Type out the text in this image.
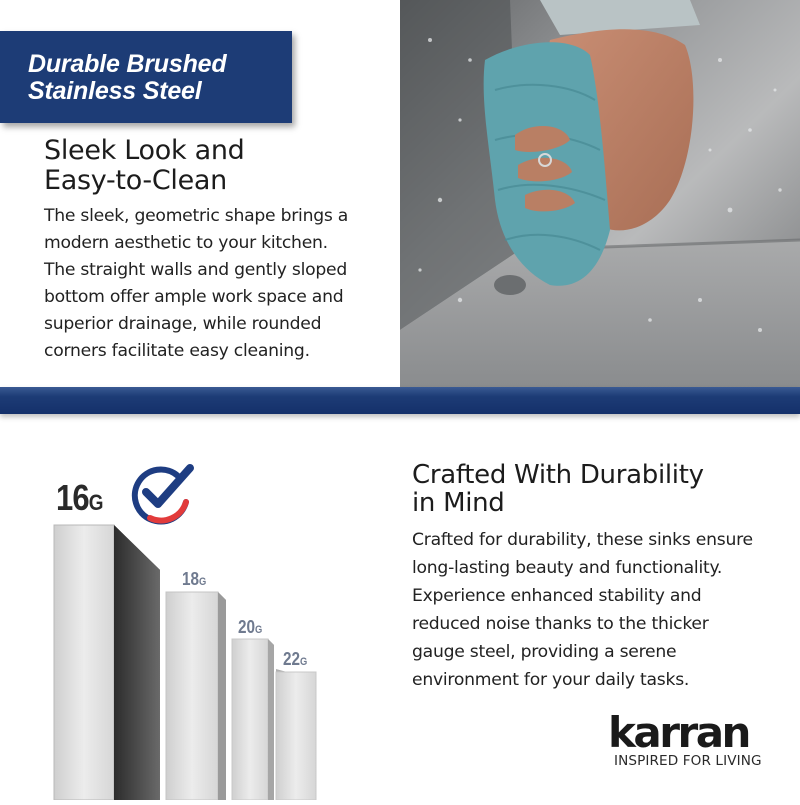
Durable Brushed
Stainless Steel
Sleek Look and
Easy-to-Clean
The sleek, geometric shape brings a
modern aesthetic to your kitchen.
The straight walls and gently sloped
bottom offer ample work space and
superior drainage, while rounded
corners facilitate easy cleaning.
16G
18G
20G
22G
Crafted With Durability
in Mind
Crafted for durability, these sinks ensure
long-lasting beauty and functionality.
Experience enhanced stability and
reduced noise thanks to the thicker
gauge steel, providing a serene
environment for your daily tasks.
karran
INSPIRED FOR LIVING
